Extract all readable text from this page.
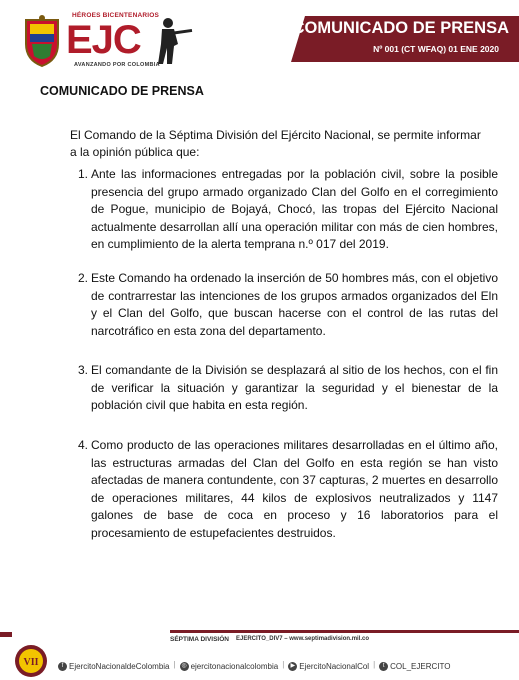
HÉROES BICENTENARIOS
EJC
AVANZANDO POR COLOMBIA
COMUNICADO DE PRENSA
Nº 001 (CT WFAQ) 01 ENE 2020
COMUNICADO DE PRENSA
El Comando de la Séptima División del Ejército Nacional, se permite informar a la opinión pública que:
1. Ante las informaciones entregadas por la población civil, sobre la posible presencia del grupo armado organizado Clan del Golfo en el corregimiento de Pogue, municipio de Bojayá, Chocó, las tropas del Ejército Nacional actualmente desarrollan allí una operación militar con más de cien hombres, en cumplimiento de la alerta temprana n.º 017 del 2019.
2. Este Comando ha ordenado la inserción de 50 hombres más, con el objetivo de contrarrestar las intenciones de los grupos armados organizados del Eln y el Clan del Golfo, que buscan hacerse con el control de las rutas del narcotráfico en esta zona del departamento.
3. El comandante de la División se desplazará al sitio de los hechos, con el fin de verificar la situación y garantizar la seguridad y el bienestar de la población civil que habita en esta región.
4. Como producto de las operaciones militares desarrolladas en el último año, las estructuras armadas del Clan del Golfo en esta región se han visto afectadas de manera contundente, con 37 capturas, 2 muertes en desarrollo de operaciones militares, 44 kilos de explosivos neutralizados y 1147 galones de base de coca en proceso y 16 laboratorios para el procesamiento de estupefacientes destruidos.
SÉPTIMA DIVISIÓN EJERCITO_DIV7 – www.septimadivision.mil.co
VII	f EjercitoNacionaldeColombia | ◎ ejercitonacionalcolombia |	▶ EjercitoNacionalCol |	t COL_EJERCITO
